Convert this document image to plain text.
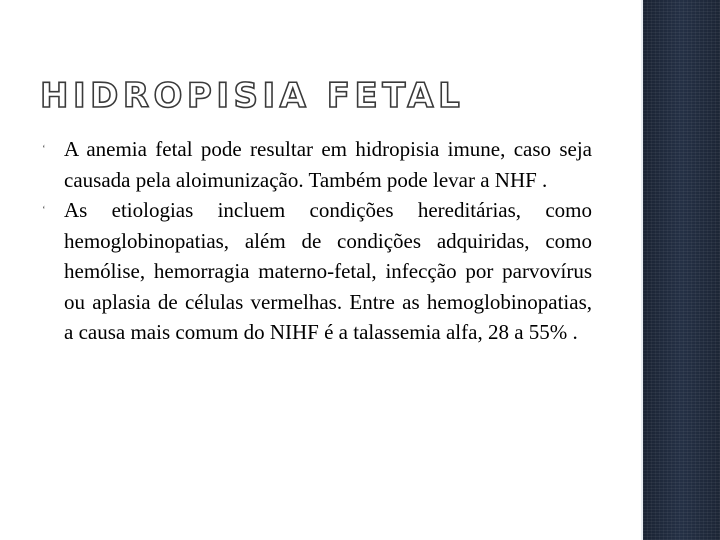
HIDROPISIA FETAL
‘ A anemia fetal pode resultar em hidropisia imune, caso seja causada pela aloimunização. Também pode levar a NHF .
‘ As etiologias incluem condições hereditárias, como hemoglobinopatias, além de condições adquiridas, como hemólise, hemorragia materno-fetal, infecção por parvovírus ou aplasia de células vermelhas. Entre as hemoglobinopatias, a causa mais comum do NIHF é a talassemia alfa, 28 a 55% .
